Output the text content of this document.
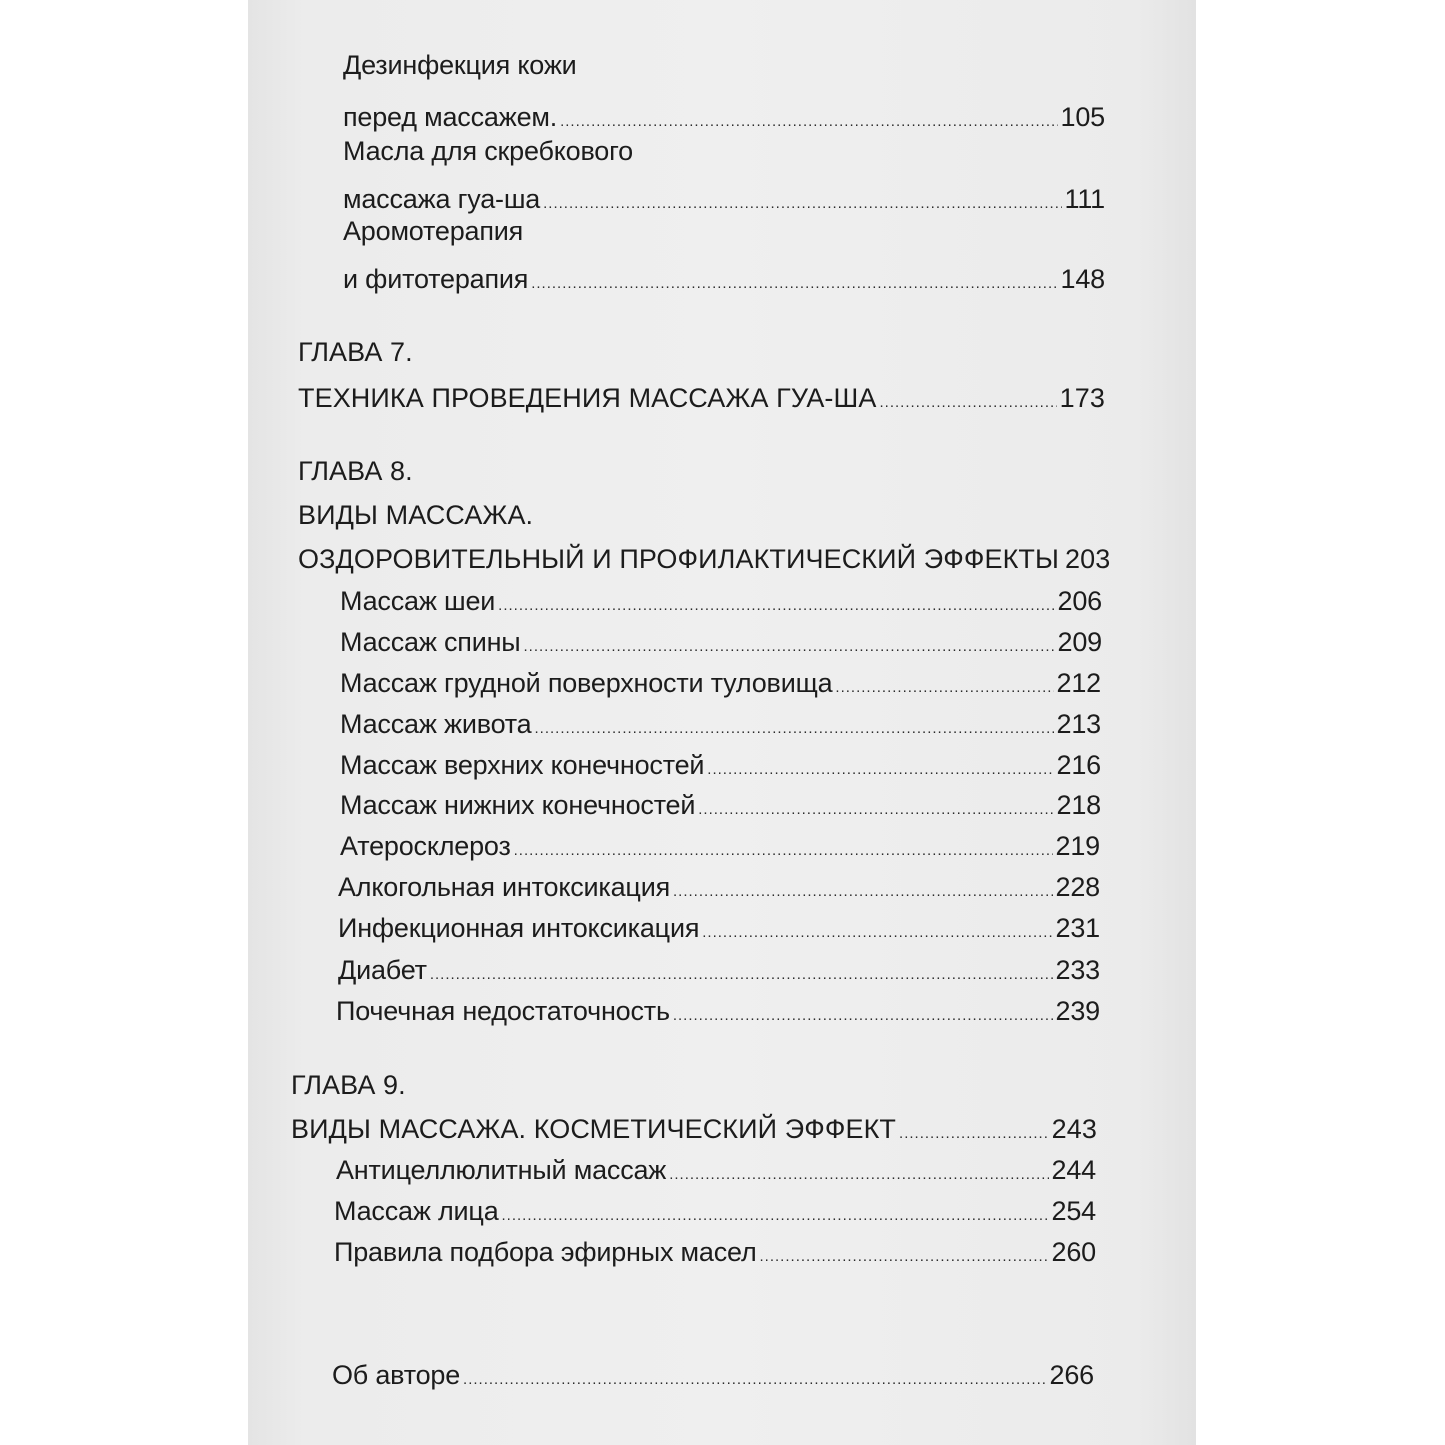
Дезинфекция кожи
перед массажем. .....	105
Масла для скребкового
массажа гуа-ша .....	111
Аромотерапия
и фитотерапия .....	148
ГЛАВА 7.
ТЕХНИКА ПРОВЕДЕНИЯ МАССАЖА ГУА-ША .....	173
ГЛАВА 8.
ВИДЫ МАССАЖА.
ОЗДОРОВИТЕЛЬНЫЙ И ПРОФИЛАКТИЧЕСКИЙ ЭФФЕКТЫ 203
Массаж шеи .....	206
Массаж спины .....	209
Массаж грудной поверхности туловища .....	212
Массаж живота .....	213
Массаж верхних конечностей .....	216
Массаж нижних конечностей .....	218
Атеросклероз .....	219
Алкогольная интоксикация .....	228
Инфекционная интоксикация .....	231
Диабет .....	233
Почечная недостаточность .....	239
ГЛАВА 9.
ВИДЫ МАССАЖА. КОСМЕТИЧЕСКИЙ ЭФФЕКТ .....	243
Антицеллюлитный массаж .....	244
Массаж лица .....	254
Правила подбора эфирных масел .....	260
Об авторе .....	266
